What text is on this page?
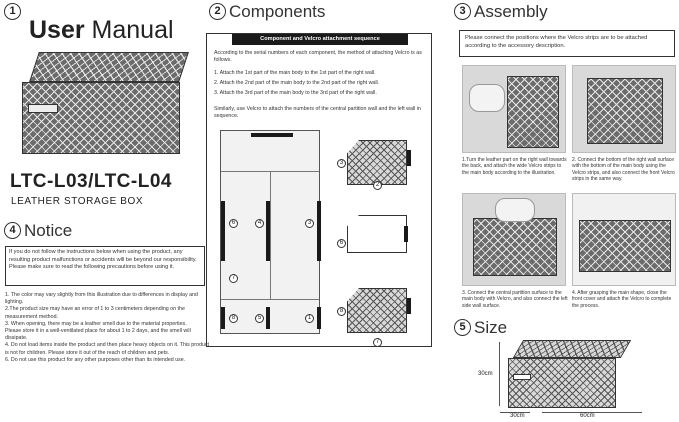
1
User Manual
LTC-L03/LTC-L04
LEATHER STORAGE BOX
4 Notice
If you do not follow the instructions below when using the product, any resulting product malfunctions or accidents will be beyond our responsibility. Please make sure to read the following precautions before using it.
1. The color may vary slightly from this illustration due to differences in display and lighting.
2.The product size may have an error of 1 to 3 centimeters depending on the measurement method.
3. When opening, there may be a leather smell due to the material properties.
Please store it in a well-ventilated place for about 1 to 2 days, and the smell will dissipate.
4. Do not load items inside the product and then place heavy objects on it. This product is not for children. Please store it out of the reach of children and pets.
6. Do not use this product for any other purposes other than its intended use.
2 Components
Component and Velcro attachment sequence
According to the serial numbers of each component, the method of attaching Velcro is as follows.
1. Attach the 1st part of the main body to the 1st part of the right wall.
2. Attach the 2nd part of the main body to the 2nd part of the right wall.
3. Attach the 3rd part of the main body to the 3rd part of the right wall.
Similarly, use Velcro to attach the numbers of the central partition wall and the left wall in sequence.
6	4	3
7
8	5	1
3
2
6
8
7
3 Assembly
Please connect the positions where the Velcro strips are to be attached according to the accessory description.
1.Turn the leather part on the right wall towards the back, and attach the wide Velcro strips to the main body according to the illustration.
2. Connect the bottom of the right wall surface with the bottom of the main body using the Velcro strips, and also connect the front Velcro strips in the same way.
3. Connect the central partition surface to the main body with Velcro, and also connect the left side wall surface.
4. After grasping the main shape, close the front cover and attach the Velcro to complete the process.
5 Size
30cm
30cm	60cm
